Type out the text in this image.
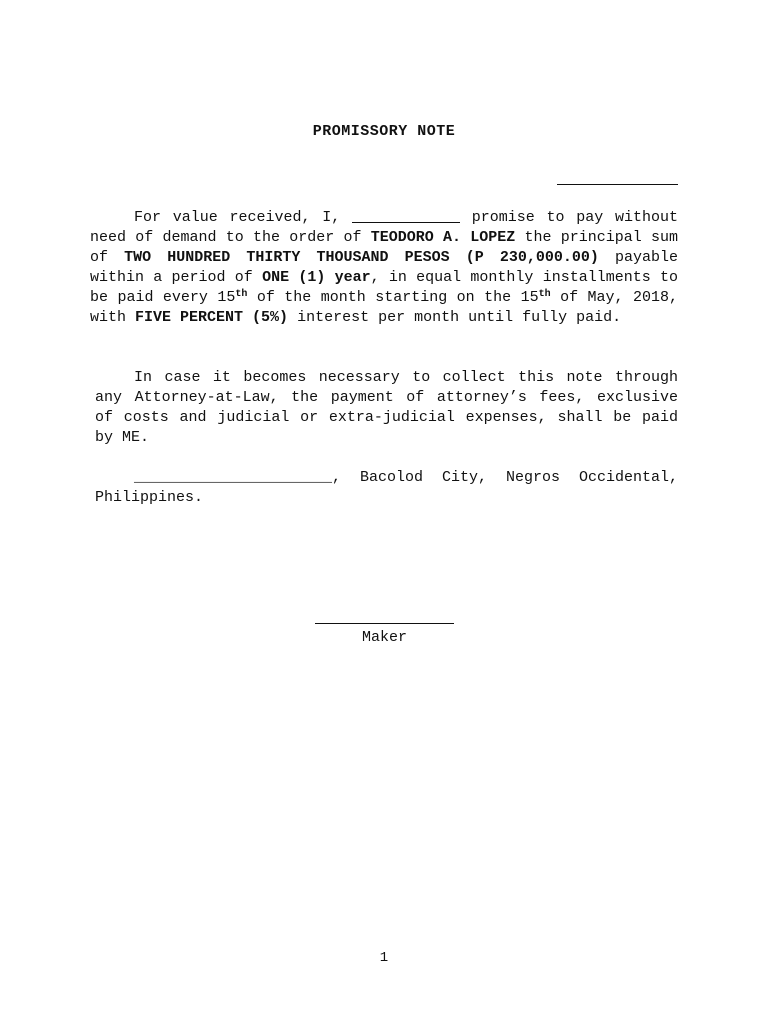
PROMISSORY NOTE
For value received, I,	promise to pay without need of demand to the order of TEODORO A. LOPEZ the principal sum of TWO HUNDRED THIRTY THOUSAND PESOS (P 230,000.00) payable within a period of ONE (1) year, in equal monthly installments to be paid every 15th of the month starting on the 15th of May, 2018, with FIVE PERCENT (5%) interest per month until fully paid.
In case it becomes necessary to collect this note through any Attorney-at-Law, the payment of attorney’s fees, exclusive of costs and judicial or extra-judicial expenses, shall be paid by ME.
______________________, Bacolod City, Negros Occidental, Philippines.
Maker
1
